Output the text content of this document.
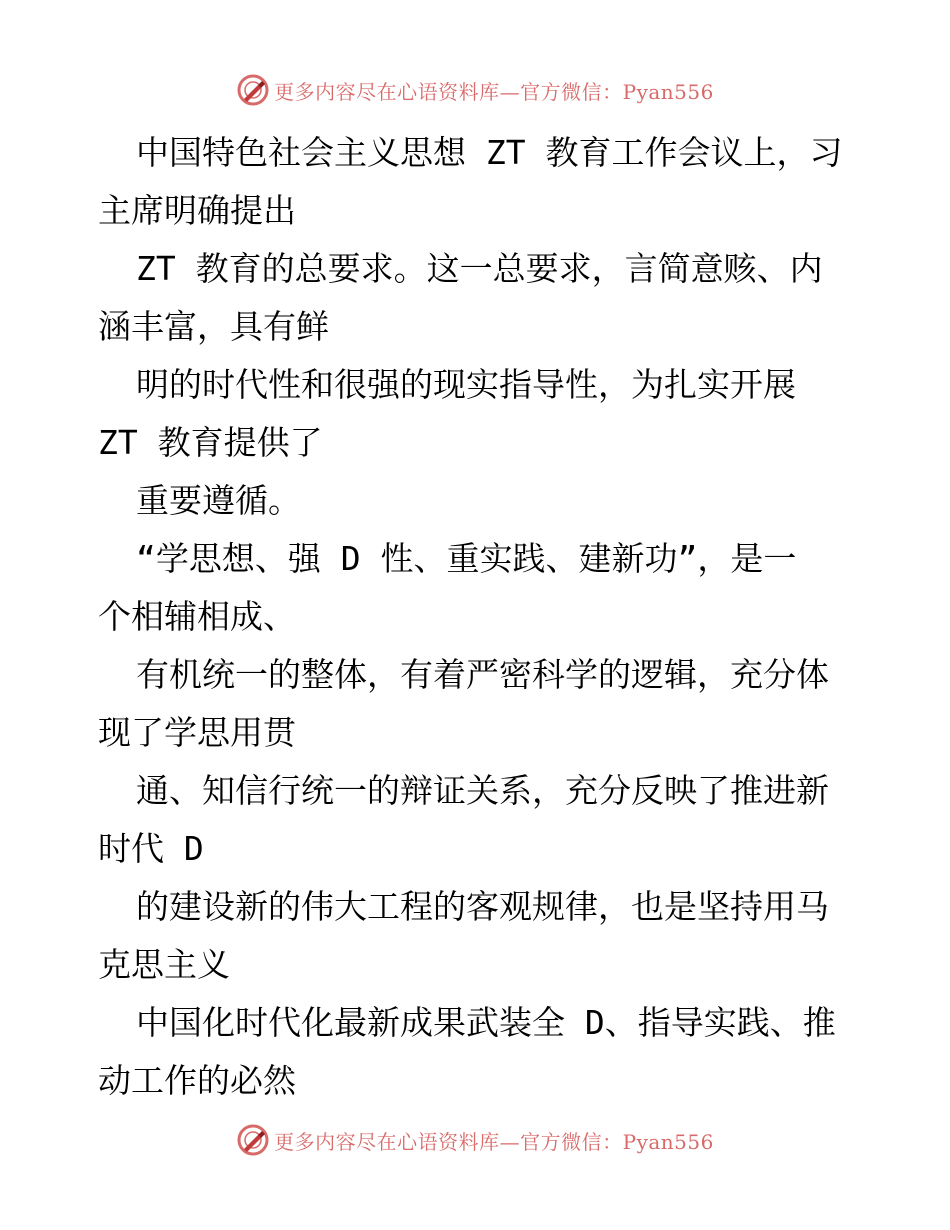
更多内容尽在心语资料库—官方微信：Pyan556

中国特色社会主义思想 ZT 教育工作会议上，习

主席明确提出

ZT 教育的总要求。这一总要求，言简意赅、内

涵丰富，具有鲜

明的时代性和很强的现实指导性，为扎实开展

ZT 教育提供了

重要遵循。

“学思想、强 D 性、重实践、建新功”，是一

个相辅相成、

有机统一的整体，有着严密科学的逻辑，充分体

现了学思用贯

通、知信行统一的辩证关系，充分反映了推进新

时代 D

的建设新的伟大工程的客观规律，也是坚持用马

克思主义

中国化时代化最新成果武装全 D、指导实践、推

动工作的必然

更多内容尽在心语资料库—官方微信：Pyan556
